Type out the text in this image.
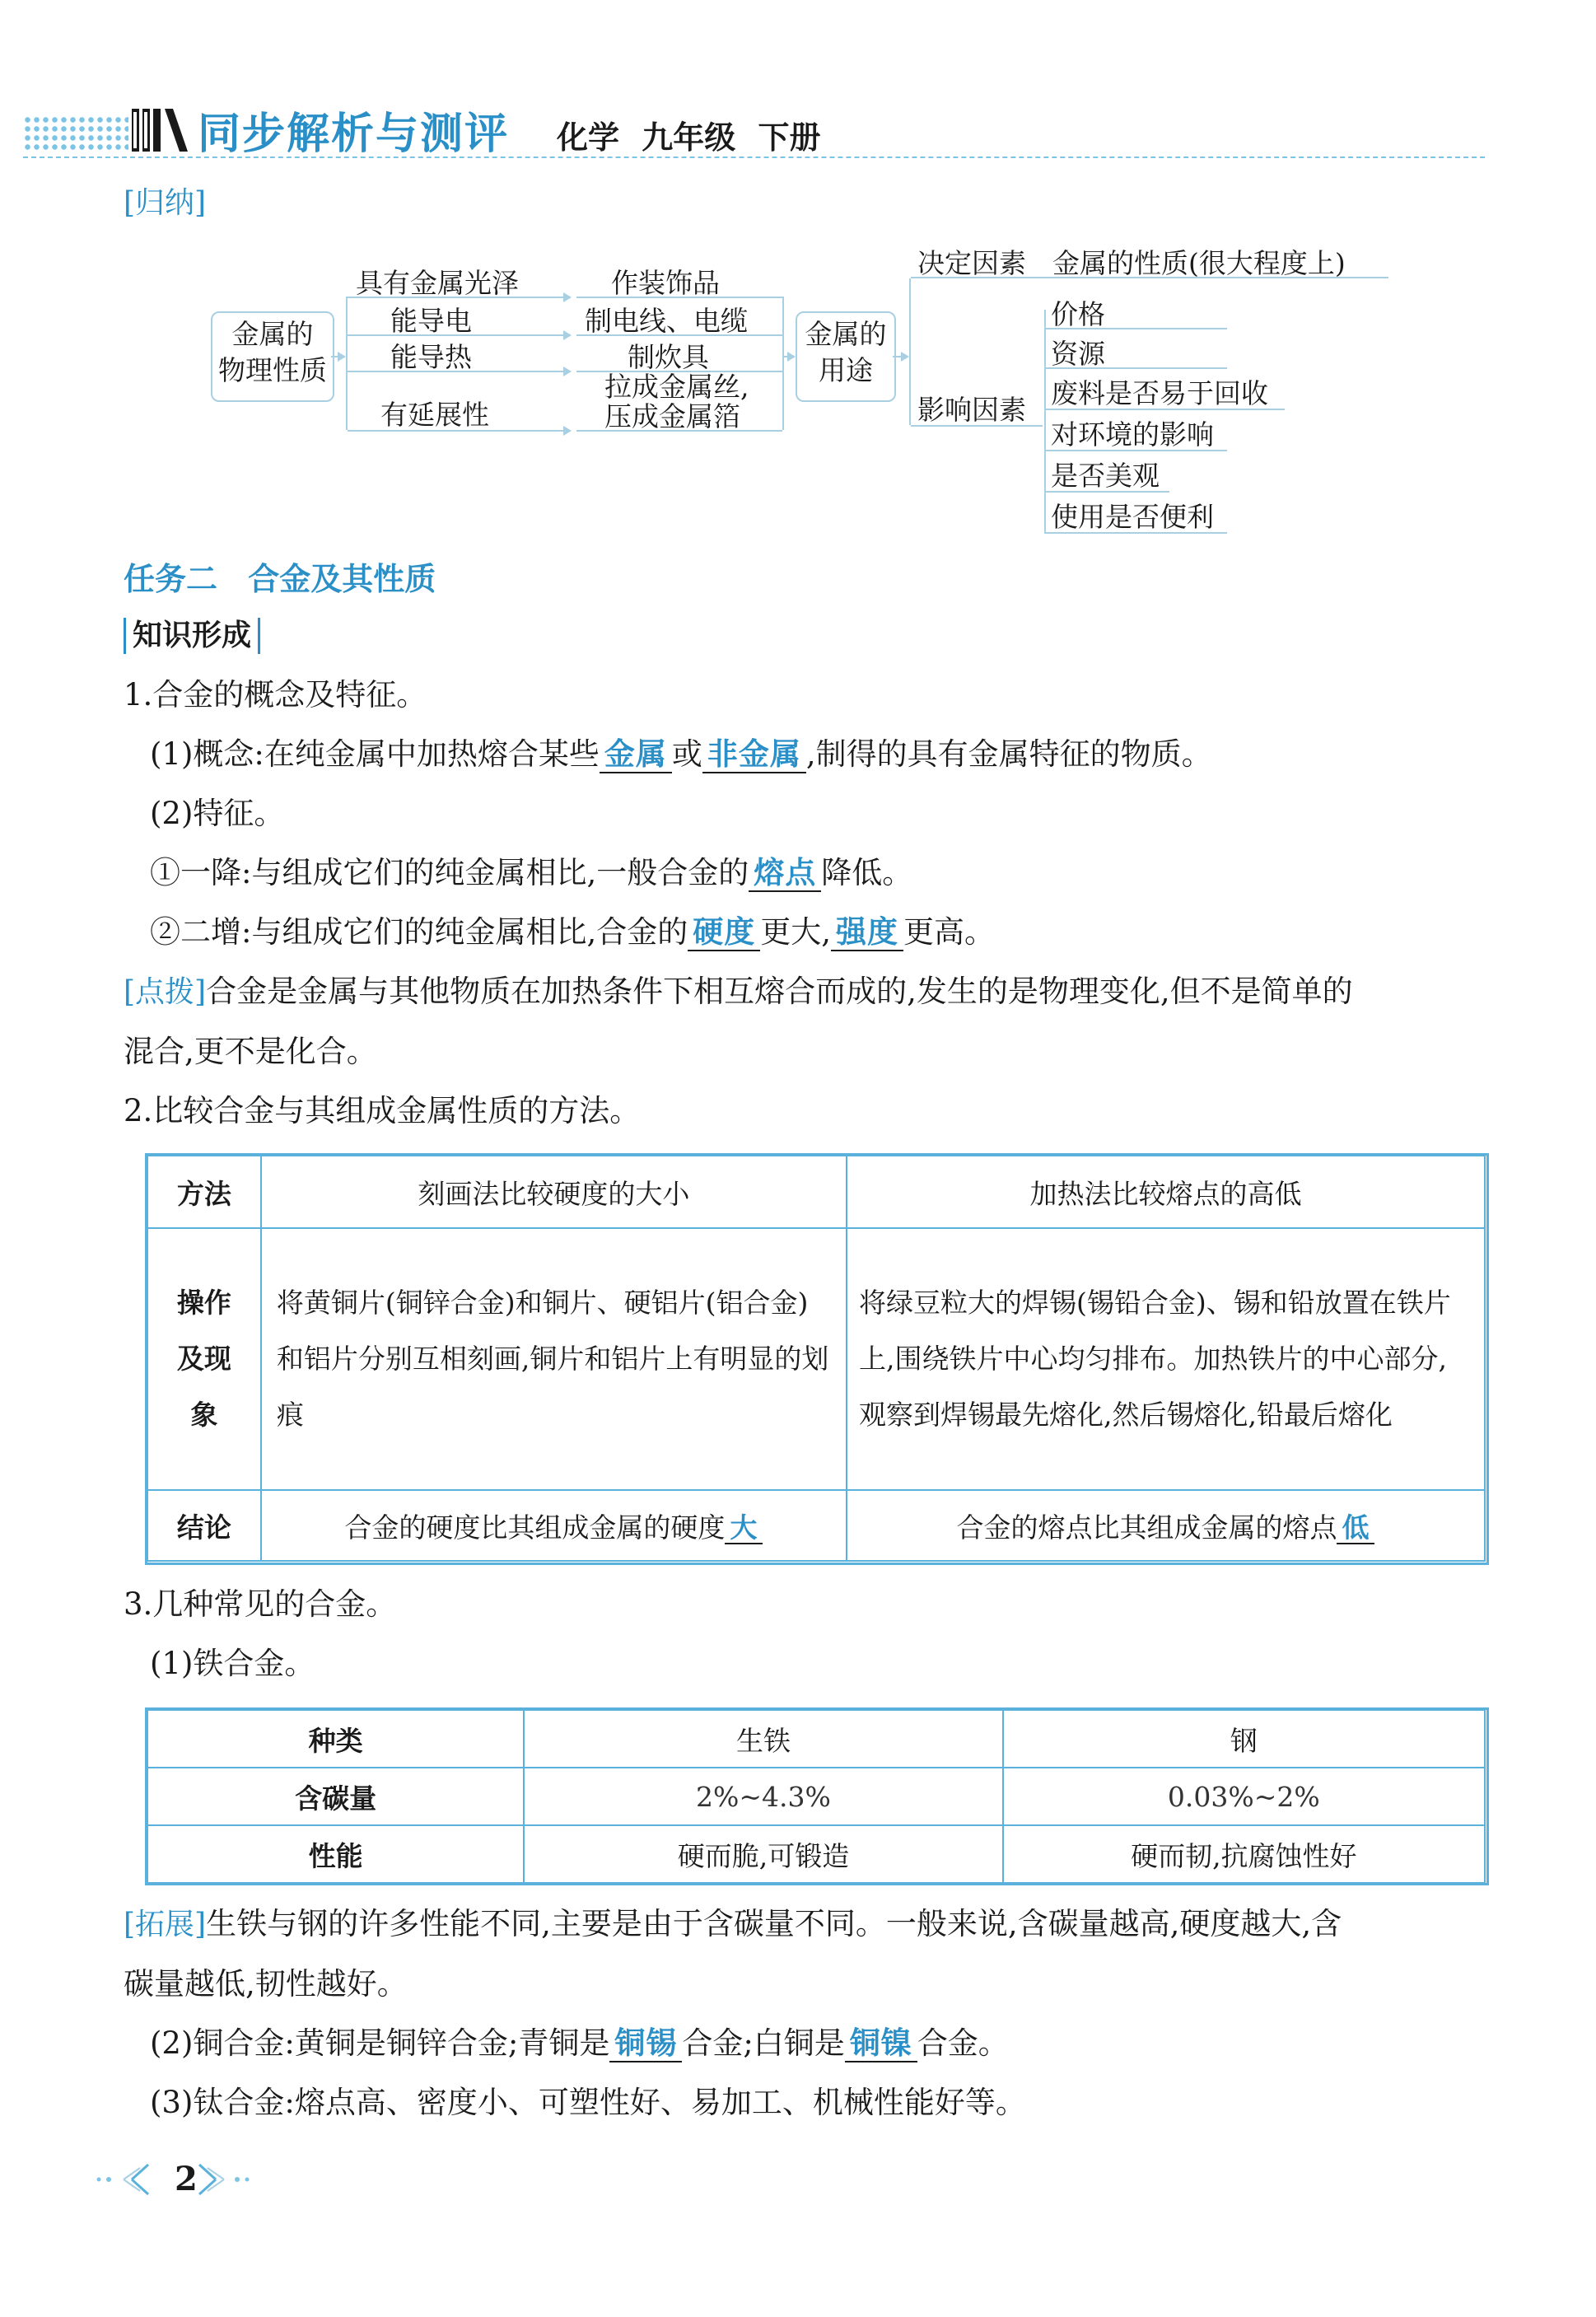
同步解析与测评 化学 九年级 下册
[归纳]
金属的
物理性质
具有金属光泽
能导电
能导热
有延展性
作装饰品
制电线、电缆
制炊具
拉成金属丝,
压成金属箔
金属的
用途
决定因素 金属的性质(很大程度上)
影响因素
价格
资源
废料是否易于回收
对环境的影响
是否美观
使用是否便利
任务二 合金及其性质
知识形成
1.合金的概念及特征。
(1)概念:在纯金属中加热熔合某些 金属 或 非金属 ,制得的具有金属特征的物质。
(2)特征。
①一降:与组成它们的纯金属相比,一般合金的 熔点 降低。
②二增:与组成它们的纯金属相比,合金的 硬度 更大, 强度 更高。
[点拨]合金是金属与其他物质在加热条件下相互熔合而成的,发生的是物理变化,但不是简单的
混合,更不是化合。
2.比较合金与其组成金属性质的方法。
方法	刻画法比较硬度的大小	加热法比较熔点的高低
操作
及现
象	将黄铜片(铜锌合金)和铜片、硬铝片(铝合金)和铝片分别互相刻画,铜片和铝片上有明显的划痕	将绿豆粒大的焊锡(锡铅合金)、锡和铅放置在铁片上,围绕铁片中心均匀排布。加热铁片的中心部分,观察到焊锡最先熔化,然后锡熔化,铅最后熔化
结论	合金的硬度比其组成金属的硬度 大	合金的熔点比其组成金属的熔点 低
3.几种常见的合金。
(1)铁合金。
种类	生铁	钢
含碳量	2%~4.3%	0.03%~2%
性能	硬而脆,可锻造	硬而韧,抗腐蚀性好
[拓展]生铁与钢的许多性能不同,主要是由于含碳量不同。一般来说,含碳量越高,硬度越大,含
碳量越低,韧性越好。
(2)铜合金:黄铜是铜锌合金;青铜是 铜锡 合金;白铜是 铜镍 合金。
(3)钛合金:熔点高、密度小、可塑性好、易加工、机械性能好等。
2
